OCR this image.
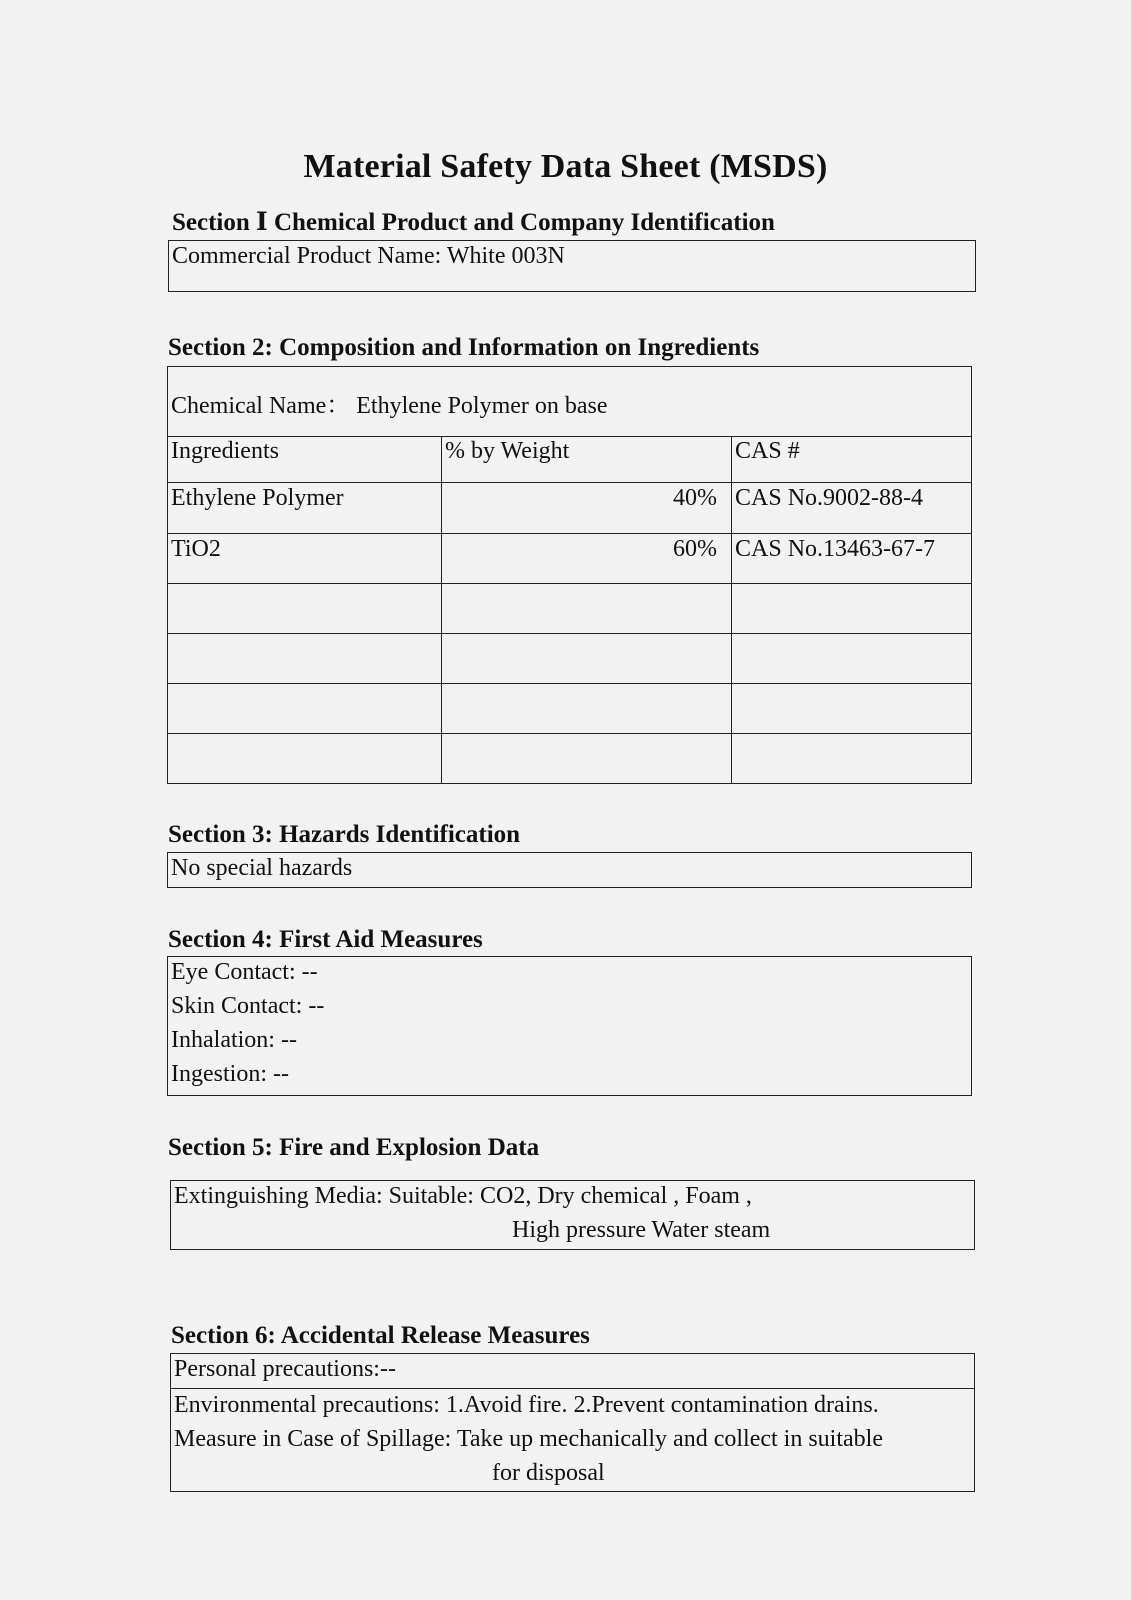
Material Safety Data Sheet (MSDS)
Section Ⅰ Chemical Product and Company Identification
Commercial Product Name: White 003N
Section 2: Composition and Information on Ingredients
Chemical Name： Ethylene Polymer on base
Ingredients	% by Weight	CAS #
Ethylene Polymer	40% CAS No.9002-88-4
TiO2	60% CAS No.13463-67-7
Section 3: Hazards Identification
No special hazards
Section 4: First Aid Measures
Eye Contact: --
Skin Contact: --
Inhalation: --
Ingestion: --
Section 5: Fire and Explosion Data
Extinguishing Media: Suitable: CO2, Dry chemical , Foam ,
High pressure Water steam
Section 6: Accidental Release Measures
Personal precautions:--
Environmental precautions: 1.Avoid fire. 2.Prevent contamination drains.
Measure in Case of Spillage: Take up mechanically and collect in suitable
for disposal
